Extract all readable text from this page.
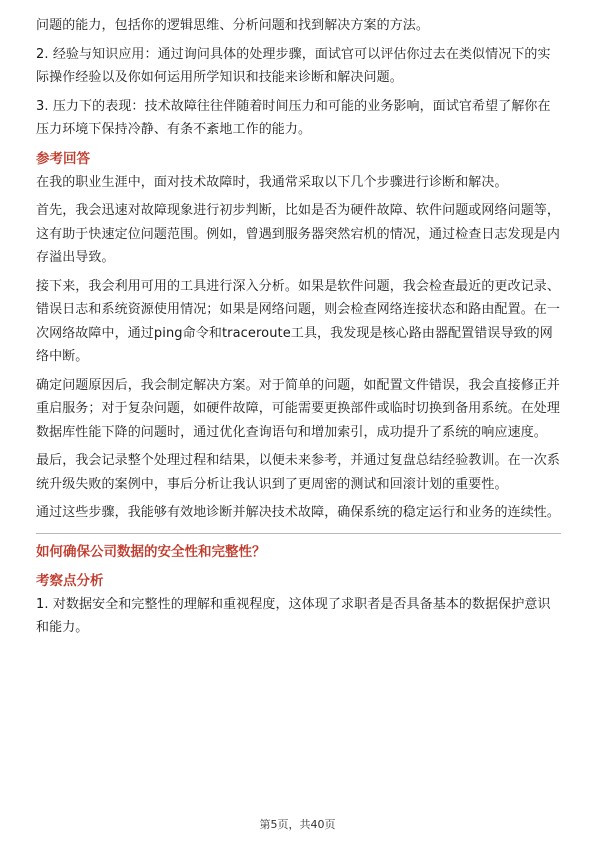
问题的能力，包括你的逻辑思维、分析问题和找到解决方案的方法。

2. 经验与知识应用：通过询问具体的处理步骤，面试官可以评估你过去在类似情况下的实际操作经验以及你如何运用所学知识和技能来诊断和解决问题。

3. 压力下的表现：技术故障往往伴随着时间压力和可能的业务影响，面试官希望了解你在压力环境下保持冷静、有条不紊地工作的能力。

参考回答

在我的职业生涯中，面对技术故障时，我通常采取以下几个步骤进行诊断和解决。

首先，我会迅速对故障现象进行初步判断，比如是否为硬件故障、软件问题或网络问题等，这有助于快速定位问题范围。例如，曾遇到服务器突然宕机的情况，通过检查日志发现是内存溢出导致。

接下来，我会利用可用的工具进行深入分析。如果是软件问题，我会检查最近的更改记录、错误日志和系统资源使用情况；如果是网络问题，则会检查网络连接状态和路由配置。在一次网络故障中，通过ping命令和traceroute工具，我发现是核心路由器配置错误导致的网络中断。

确定问题原因后，我会制定解决方案。对于简单的问题，如配置文件错误，我会直接修正并重启服务；对于复杂问题，如硬件故障，可能需要更换部件或临时切换到备用系统。在处理数据库性能下降的问题时，通过优化查询语句和增加索引，成功提升了系统的响应速度。

最后，我会记录整个处理过程和结果，以便未来参考，并通过复盘总结经验教训。在一次系统升级失败的案例中，事后分析让我认识到了更周密的测试和回滚计划的重要性。

通过这些步骤，我能够有效地诊断并解决技术故障，确保系统的稳定运行和业务的连续性。

如何确保公司数据的安全性和完整性？

考察点分析

1. 对数据安全和完整性的理解和重视程度，这体现了求职者是否具备基本的数据保护意识和能力。

第5页，共40页
